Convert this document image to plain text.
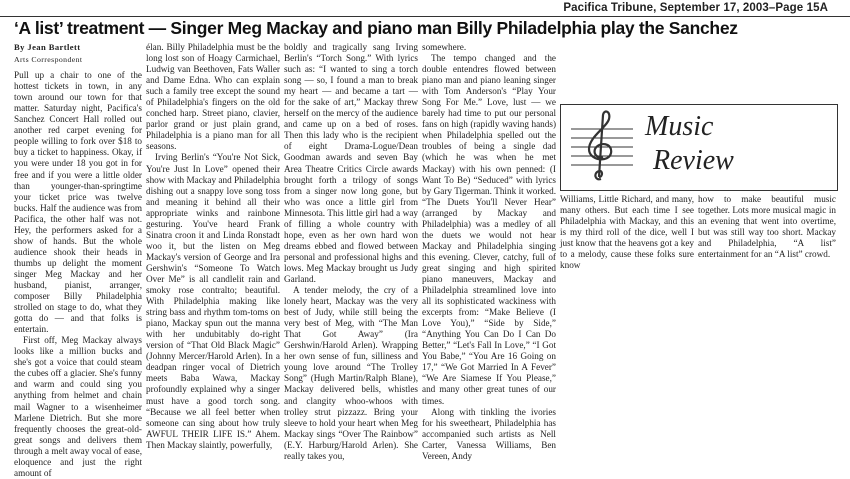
Pacifica Tribune, September 17, 2003–Page 15A
‘A list’ treatment — Singer Meg Mackay and piano man Billy Philadelphia play the Sanchez
By Jean Bartlett
Arts Correspondent

Pull up a chair to one of the hottest tickets in town, in any town around our town for that matter. Saturday night, Pacifica's Sanchez Concert Hall rolled out another red carpet evening for people willing to fork over $18 to buy a ticket to happiness. Okay, if you were under 18 you got in for free and if you were a little older than younger-than-springtime your ticket price was twelve bucks. Half the audience was from Pacifica, the other half was not. Hey, the performers asked for a show of hands. But the whole audience shook their heads in thumbs up delight the moment singer Meg Mackay and her husband, pianist, arranger, composer Billy Philadelphia strolled on stage to do, what they gotta do — and that folks is entertain.

First off, Meg Mackay always looks like a million bucks and she's got a voice that could steam the cubes off a glacier. She's funny and warm and could sing you anything from helmet and chain mail Wagner to a wisenheimer Marlene Dietrich. But she more frequently chooses the great-old-great songs and delivers them through a melt away vocal of ease, eloquence and just the right amount of

élan. Billy Philadelphia must be the long lost son of Hoagy Carmichael, Ludwig van Beethoven, Fats Waller and Dame Edna. Who can explain such a family tree except the sound of Philadelphia's fingers on the old conched harp. Street piano, clavier, parlor grand or just plain grand, Philadelphia is a piano man for all seasons.

Irving Berlin's “You're Not Sick, You're Just In Love” opened their show with Mackay and Philadelphia dishing out a snappy love song toss and meaning it behind all their appropriate winks and rainbone gesturing. You've heard Frank Sinatra croon it and Linda Ronstadt woo it, but the listen on Meg Mackay's version of George and Ira Gershwin's “Someone To Watch Over Me” is all candlelit rain and smoky rose contralto; beautiful. With Philadelphia making like string bass and rhythm tom-toms on piano, Mackay spun out the manna with her undubitably do-right version of “That Old Black Magic” (Johnny Mercer/Harold Arlen). In a deadpan ringer vocal of Dietrich meets Baba Wawa, Mackay profoundly explained why a singer must have a good torch song. “Because we all feel better when someone can sing about how truly AWFUL THEIR LIFE IS.” Ahem. Then Mackay slaintly, powerfully,

boldly and tragically sang Irving Berlin's “Torch Song.” With lyrics such as: “I wanted to sing a torch song — so, I found a man to break my heart — and became a tart — for the sake of art,” Mackay threw herself on the mercy of the audience and came up on a bed of roses. Then this lady who is the recipient of eight Drama-Logue/Dean Goodman awards and seven Bay Area Theatre Critics Circle awards brought forth a trilogy of songs from a singer now long gone, but who was once a little girl from Minnesota. This little girl had a way of filling a whole country with hope, even as her own hard won dreams ebbed and flowed between personal and professional highs and lows. Meg Mackay brought us Judy Garland.

A tender melody, the cry of a lonely heart, Mackay was the very best of Judy, while still being the very best of Meg, with “The Man That Got Away” (Ira Gershwin/Harold Arlen). Wrapping her own sense of fun, silliness and young love around “The Trolley Song” (Hugh Martin/Ralph Blane), Mackay delivered bells, whistles and clangity whoo-whoos with trolley strut pizzazz. Bring your sleeve to hold your heart when Meg Mackay sings “Over The Rainbow” (E.Y. Harburg/Harold Arlen). She really takes you,

somewhere.

The tempo changed and the double entendres flowed between piano man and piano leaning singer with Tom Anderson's “Play Your Song For Me.” Love, lust — we barely had time to put our personal fans on high (rapidly waving hands) when Philadelphia spelled out the troubles of being a single dad (which he was when he met Mackay) with his own penned: (I Want To Be) “Seduced” with lyrics by Gary Tigerman. Think it worked. “The Duets You'll Never Hear” (arranged by Mackay and Philadelphia) was a medley of all the duets we would not hear Mackay and Philadelphia singing this evening. Clever, catchy, full of great singing and high spirited piano maneuvers, Mackay and Philadelphia streamlined love into all its sophisticated wackiness with excerpts from: “Make Believe (I Love You),” “Side by Side,” “Anything You Can Do I Can Do Better,” “Let's Fall In Love,” “I Got You Babe,” “You Are 16 Going on 17,” “We Got Married In A Fever” “We Are Siamese If You Please,” and many other great tunes of our times.

Along with tinkling the ivories for his sweetheart, Philadelphia has accompanied such artists as Nell Carter, Vanessa Williams, Ben Vereen, Andy

Music
Review

Williams, Little Richard, and many, many others. But each time I see Philadelphia with Mackay, and this is my third roll of the dice, well I just know that the heavens got a key to a melody, cause these folks sure know

how to make beautiful music together. Lots more musical magic in an evening that went into overtime, but was still way too short. Mackay and Philadelphia, “A list” entertainment for an “A list” crowd.
